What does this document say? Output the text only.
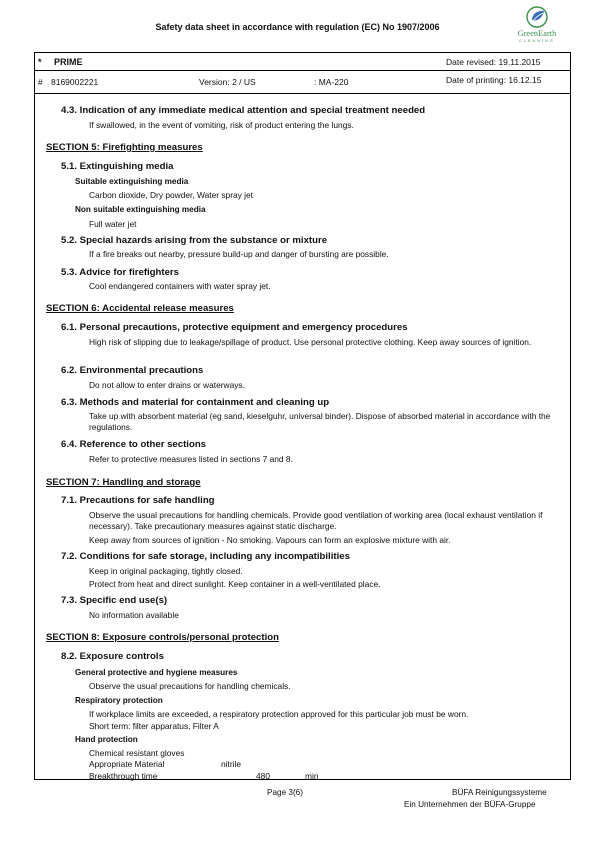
Safety data sheet in accordance with regulation (EC) No 1907/2006
GreenEarth
CLEANING
* PRIME	Date revised: 19.11.2015
# 8169002221	Version: 2 / US	: MA-220	Date of printing: 16.12.15
4.3. Indication of any immediate medical attention and special treatment needed
If swallowed, in the event of vomiting, risk of product entering the lungs.
SECTION 5: Firefighting measures
5.1. Extinguishing media
Suitable extinguishing media
Carbon dioxide, Dry powder, Water spray jet
Non suitable extinguishing media
Full water jet
5.2. Special hazards arising from the substance or mixture
If a fire breaks out nearby, pressure build-up and danger of bursting are possible.
5.3. Advice for firefighters
Cool endangered containers with water spray jet.
SECTION 6: Accidental release measures
6.1. Personal precautions, protective equipment and emergency procedures
High risk of slipping due to leakage/spillage of product. Use personal protective clothing. Keep away sources of ignition.
6.2. Environmental precautions
Do not allow to enter drains or waterways.
6.3. Methods and material for containment and cleaning up
Take up with absorbent material (eg sand, kieselguhr, universal binder). Dispose of absorbed material in accordance with the regulations.
6.4. Reference to other sections
Refer to protective measures listed in sections 7 and 8.
SECTION 7: Handling and storage
7.1. Precautions for safe handling
Observe the usual precautions for handling chemicals. Provide good ventilation of working area (local exhaust ventilation if necessary). Take precautionary measures against static discharge.
Keep away from sources of ignition - No smoking. Vapours can form an explosive mixture with air.
7.2. Conditions for safe storage, including any incompatibilities
Keep in original packaging, tightly closed.
Protect from heat and direct sunlight. Keep container in a well-ventilated place.
7.3. Specific end use(s)
No information available
SECTION 8: Exposure controls/personal protection
8.2. Exposure controls
General protective and hygiene measures
Observe the usual precautions for handling chemicals.
Respiratory protection
If workplace limits are exceeded, a respiratory protection approved for this particular job must be worn.
Short term: filter apparatus, Filter A
Hand protection
Chemical resistant gloves
Appropriate Material	nitrile
Breakthrough time	480	min
Page 3(6)	BÜFA Reinigungssysteme
Ein Unternehmen der BÜFA-Gruppe
